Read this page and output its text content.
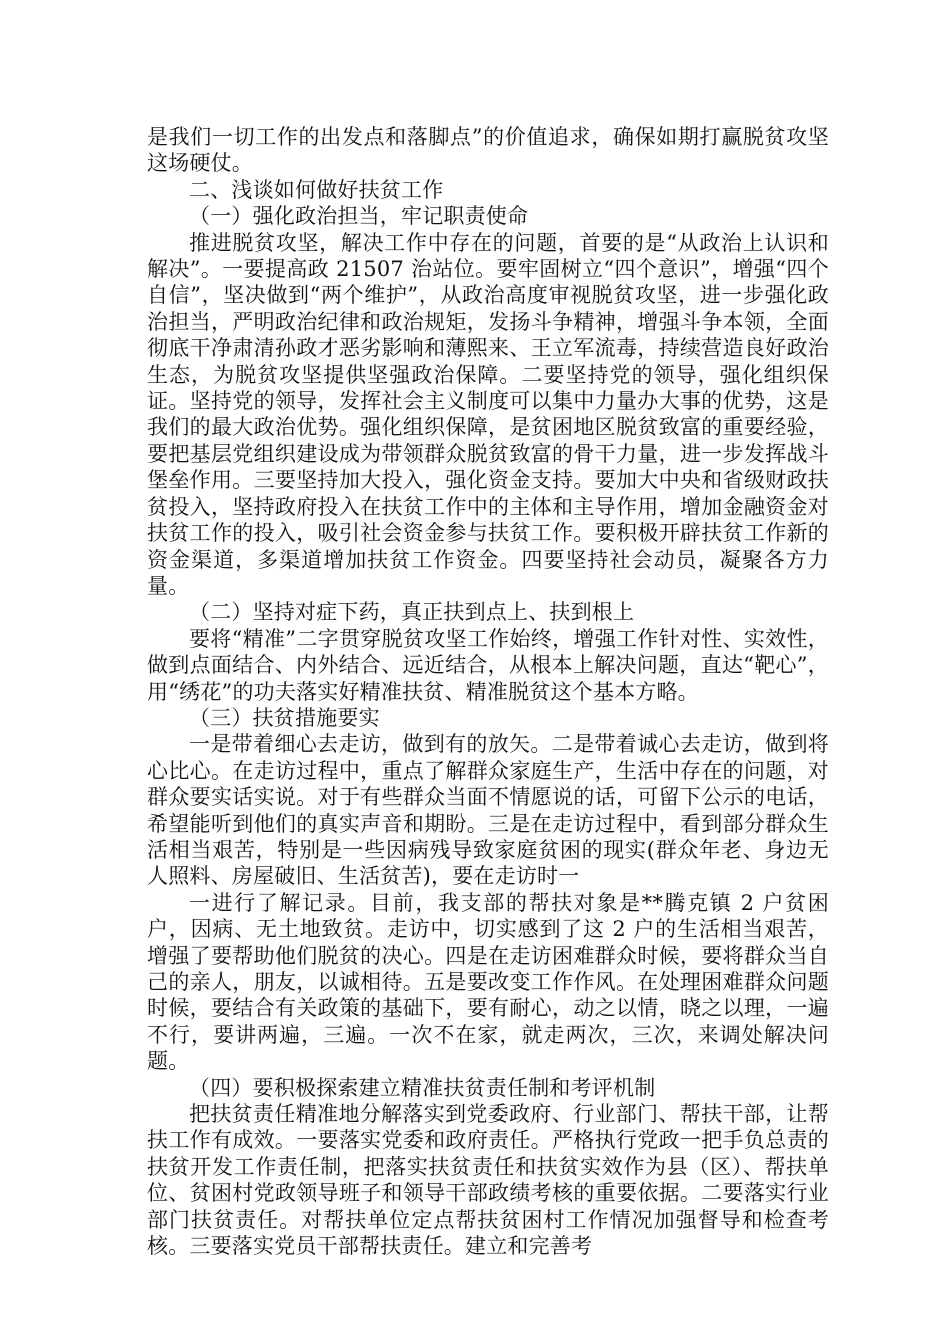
是我们一切工作的出发点和落脚点”的价值追求，确保如期打赢脱贫攻坚这场硬仗。

二、浅谈如何做好扶贫工作

（一）强化政治担当，牢记职责使命

推进脱贫攻坚，解决工作中存在的问题，首要的是“从政治上认识和解决”。一要提高政 21507 治站位。要牢固树立“四个意识”，增强“四个自信”，坚决做到“两个维护”，从政治高度审视脱贫攻坚，进一步强化政治担当，严明政治纪律和政治规矩，发扬斗争精神，增强斗争本领，全面彻底干净肃清孙政才恶劣影响和薄熙来、王立军流毒，持续营造良好政治生态，为脱贫攻坚提供坚强政治保障。二要坚持党的领导，强化组织保证。坚持党的领导，发挥社会主义制度可以集中力量办大事的优势，这是我们的最大政治优势。强化组织保障，是贫困地区脱贫致富的重要经验，要把基层党组织建设成为带领群众脱贫致富的骨干力量，进一步发挥战斗堡垒作用。三要坚持加大投入，强化资金支持。要加大中央和省级财政扶贫投入，坚持政府投入在扶贫工作中的主体和主导作用，增加金融资金对扶贫工作的投入，吸引社会资金参与扶贫工作。要积极开辟扶贫工作新的资金渠道，多渠道增加扶贫工作资金。四要坚持社会动员，凝聚各方力量。

（二）坚持对症下药，真正扶到点上、扶到根上

要将“精准”二字贯穿脱贫攻坚工作始终，增强工作针对性、实效性，做到点面结合、内外结合、远近结合，从根本上解决问题，直达“靶心”，用“绣花”的功夫落实好精准扶贫、精准脱贫这个基本方略。

（三）扶贫措施要实

一是带着细心去走访，做到有的放矢。二是带着诚心去走访，做到将心比心。在走访过程中，重点了解群众家庭生产，生活中存在的问题，对群众要实话实说。对于有些群众当面不情愿说的话，可留下公示的电话，希望能听到他们的真实声音和期盼。三是在走访过程中，看到部分群众生活相当艰苦，特别是一些因病残导致家庭贫困的现实(群众年老、身边无人照料、房屋破旧、生活贫苦)，要在走访时一

一进行了解记录。目前，我支部的帮扶对象是**腾克镇 2 户贫困户，因病、无土地致贫。走访中，切实感到了这 2 户的生活相当艰苦，增强了要帮助他们脱贫的决心。四是在走访困难群众时候，要将群众当自己的亲人，朋友，以诚相待。五是要改变工作作风。在处理困难群众问题时候，要结合有关政策的基础下，要有耐心，动之以情，晓之以理，一遍不行，要讲两遍，三遍。一次不在家，就走两次，三次，来调处解决问题。

（四）要积极探索建立精准扶贫责任制和考评机制

把扶贫责任精准地分解落实到党委政府、行业部门、帮扶干部，让帮扶工作有成效。一要落实党委和政府责任。严格执行党政一把手负总责的扶贫开发工作责任制，把落实扶贫责任和扶贫实效作为县（区）、帮扶单位、贫困村党政领导班子和领导干部政绩考核的重要依据。二要落实行业部门扶贫责任。对帮扶单位定点帮扶贫困村工作情况加强督导和检查考核。三要落实党员干部帮扶责任。建立和完善考
